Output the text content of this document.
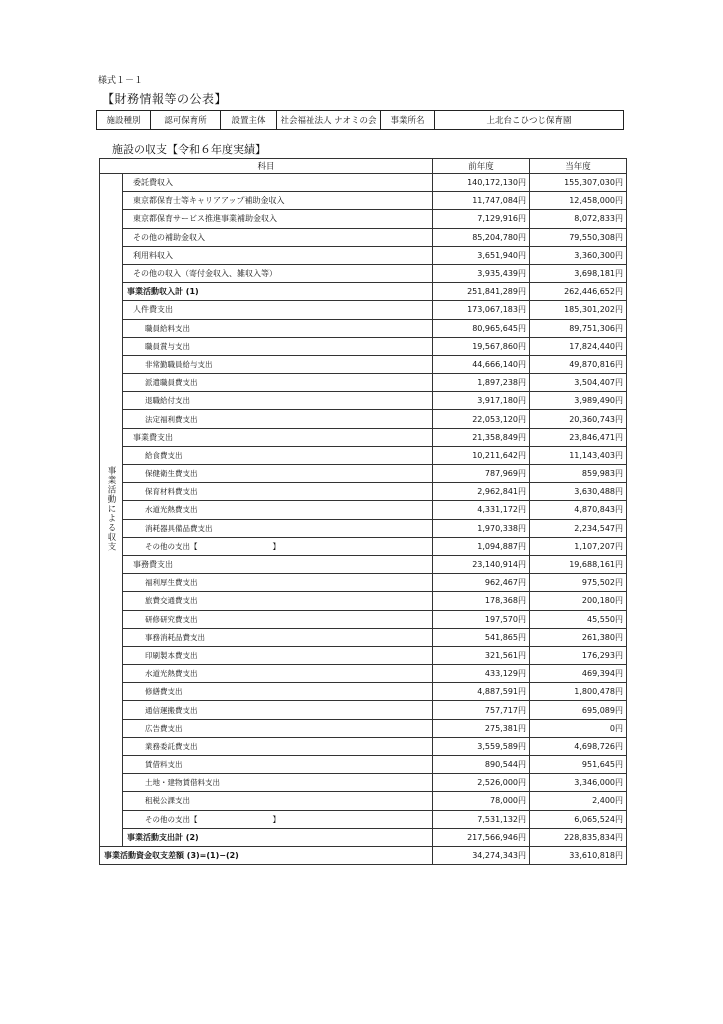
様式１－１
【財務情報等の公表】
施設種別	認可保育所	設置主体	社会福祉法人 ナオミの会	事業所名	上北台こひつじ保育園
施設の収支【令和６年度実績】
科目		前年度	当年度
事業活動による収支	委託費収入	140,172,130円	155,307,030円
	東京都保育士等キャリアアップ補助金収入	11,747,084円	12,458,000円
	東京都保育サービス推進事業補助金収入	7,129,916円	8,072,833円
	その他の補助金収入	85,204,780円	79,550,308円
	利用料収入	3,651,940円	3,360,300円
	その他の収入（寄付金収入、雑収入等）	3,935,439円	3,698,181円
	事業活動収入計 (1)	251,841,289円	262,446,652円
	人件費支出	173,067,183円	185,301,202円
	職員給料支出	80,965,645円	89,751,306円
	職員賞与支出	19,567,860円	17,824,440円
	非常勤職員給与支出	44,666,140円	49,870,816円
	派遣職員費支出	1,897,238円	3,504,407円
	退職給付支出	3,917,180円	3,989,490円
	法定福利費支出	22,053,120円	20,360,743円
	事業費支出	21,358,849円	23,846,471円
	給食費支出	10,211,642円	11,143,403円
	保健衛生費支出	787,969円	859,983円
	保育材料費支出	2,962,841円	3,630,488円
	水道光熱費支出	4,331,172円	4,870,843円
	消耗器具備品費支出	1,970,338円	2,234,547円
	その他の支出【　　　　　　　　　　】	1,094,887円	1,107,207円
	事務費支出	23,140,914円	19,688,161円
	福利厚生費支出	962,467円	975,502円
	旅費交通費支出	178,368円	200,180円
	研修研究費支出	197,570円	45,550円
	事務消耗品費支出	541,865円	261,380円
	印刷製本費支出	321,561円	176,293円
	水道光熱費支出	433,129円	469,394円
	修繕費支出	4,887,591円	1,800,478円
	通信運搬費支出	757,717円	695,089円
	広告費支出	275,381円	0円
	業務委託費支出	3,559,589円	4,698,726円
	賃借料支出	890,544円	951,645円
	土地・建物賃借料支出	2,526,000円	3,346,000円
	租税公課支出	78,000円	2,400円
	その他の支出【　　　　　　　　　　】	7,531,132円	6,065,524円
	事業活動支出計 (2)	217,566,946円	228,835,834円
事業活動資金収支差額 (3)=(1)−(2)		34,274,343円	33,610,818円
